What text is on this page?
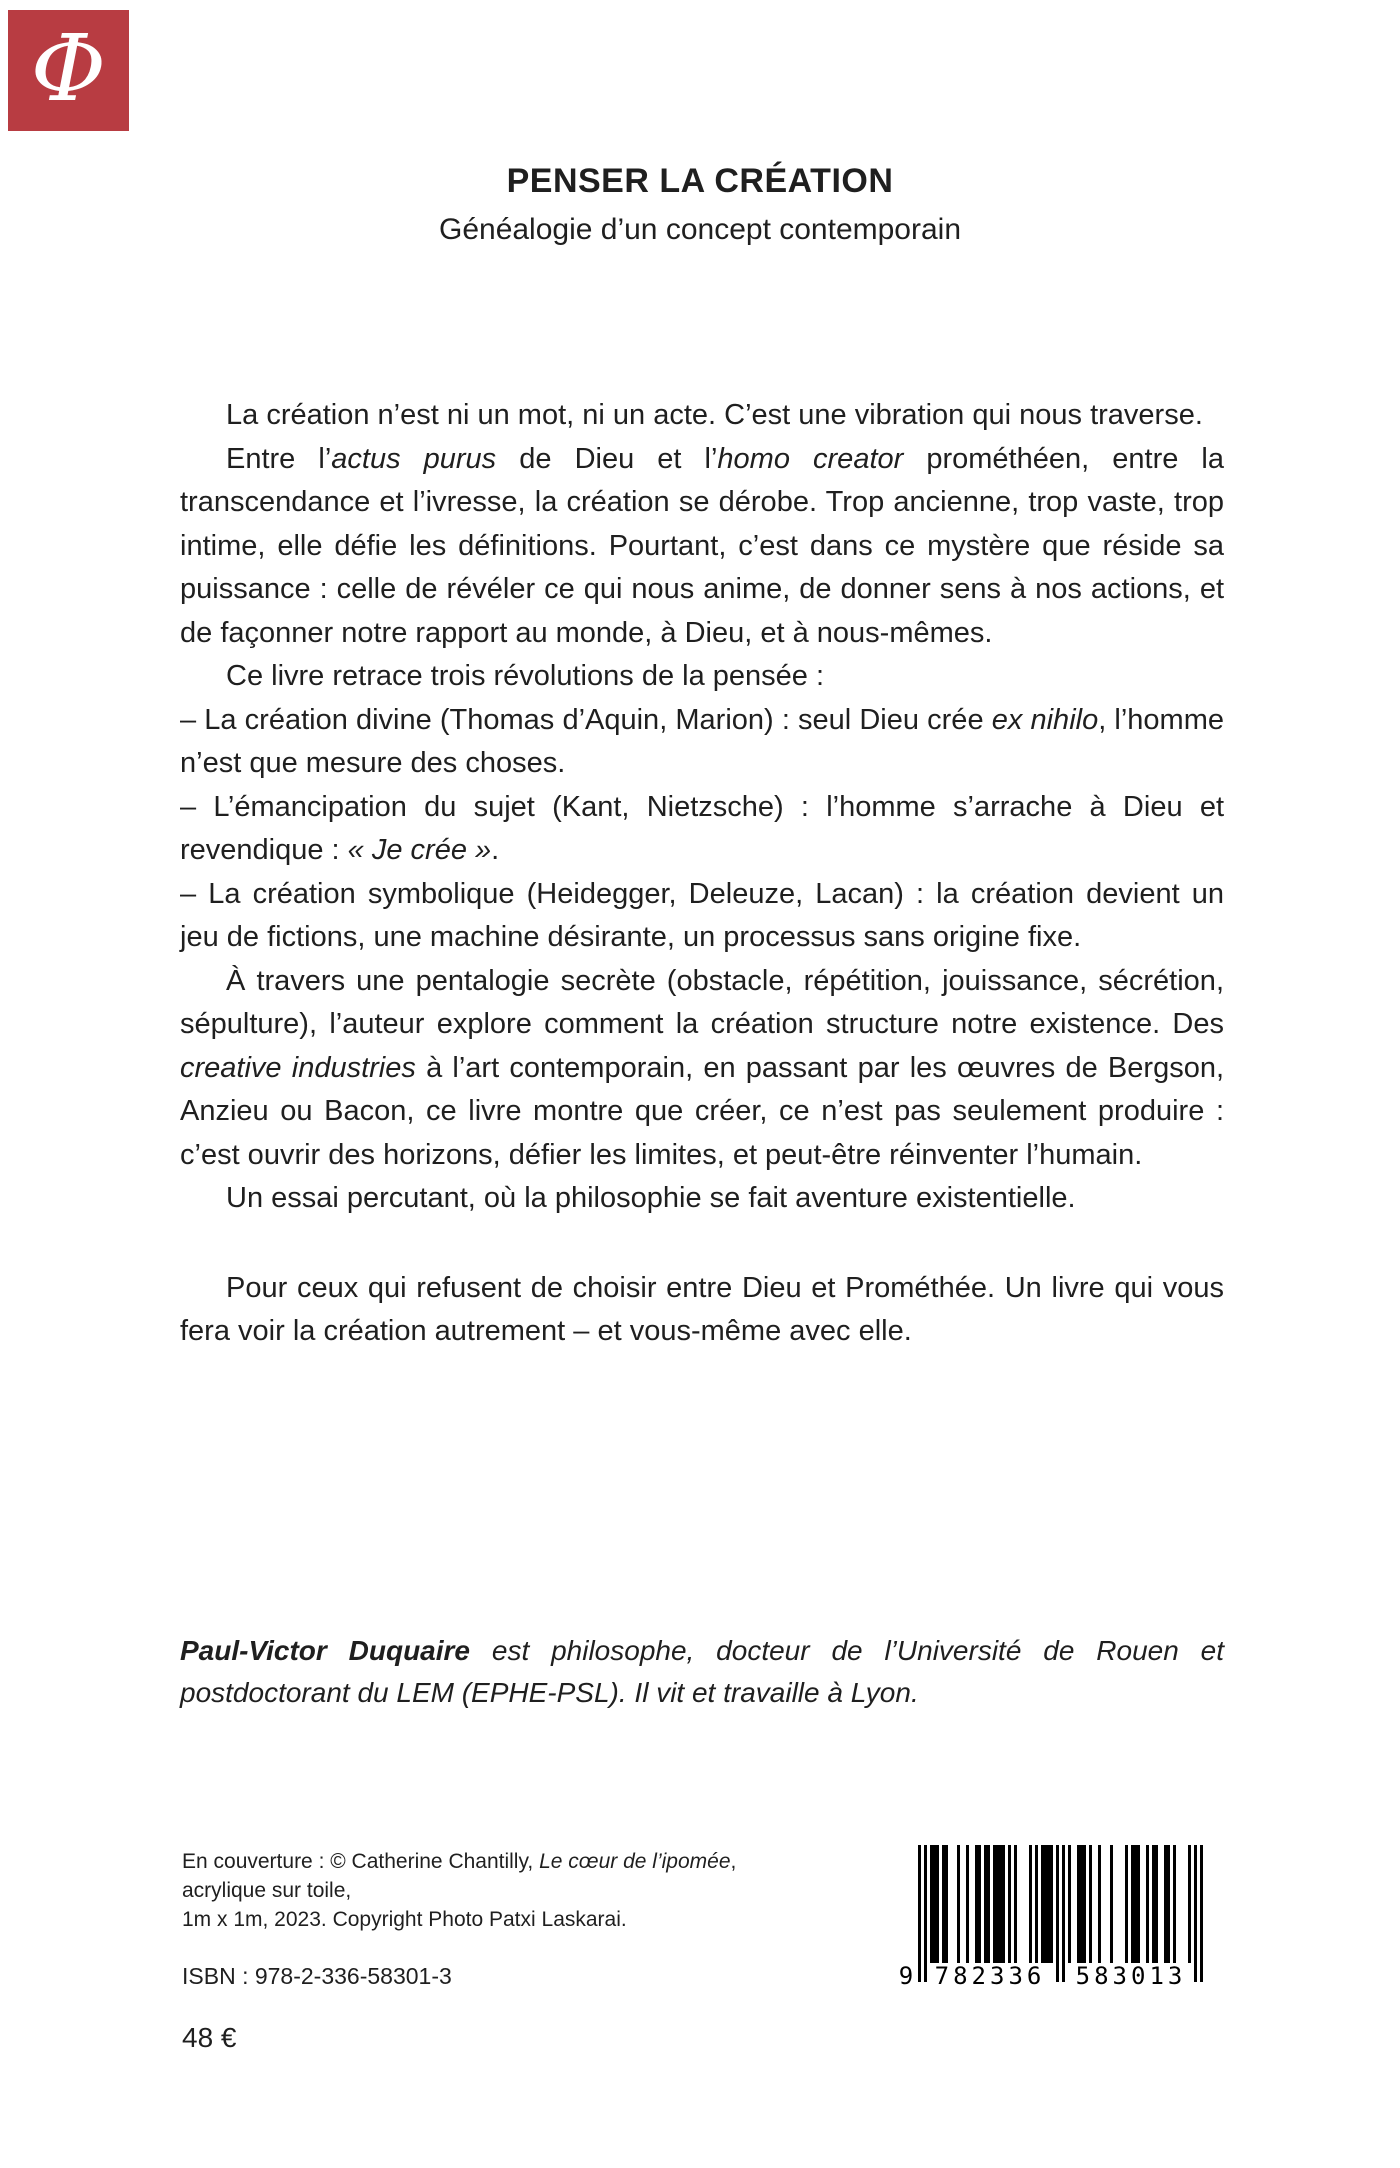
Φ
PENSER LA CRÉATION
Généalogie d’un concept contemporain

La création n’est ni un mot, ni un acte. C’est une vibration qui nous traverse.

Entre l’actus purus de Dieu et l’homo creator prométhéen, entre la transcendance et l’ivresse, la création se dérobe. Trop ancienne, trop vaste, trop intime, elle défie les définitions. Pourtant, c’est dans ce mystère que réside sa puissance : celle de révéler ce qui nous anime, de donner sens à nos actions, et de façonner notre rapport au monde, à Dieu, et à nous-mêmes.

Ce livre retrace trois révolutions de la pensée :

– La création divine (Thomas d’Aquin, Marion) : seul Dieu crée ex nihilo, l’homme n’est que mesure des choses.

– L’émancipation du sujet (Kant, Nietzsche) : l’homme s’arrache à Dieu et revendique : « Je crée ».

– La création symbolique (Heidegger, Deleuze, Lacan) : la création devient un jeu de fictions, une machine désirante, un processus sans origine fixe.

À travers une pentalogie secrète (obstacle, répétition, jouissance, sécrétion, sépulture), l’auteur explore comment la création structure notre existence. Des creative industries à l’art contemporain, en passant par les œuvres de Bergson, Anzieu ou Bacon, ce livre montre que créer, ce n’est pas seulement produire : c’est ouvrir des horizons, défier les limites, et peut-être réinventer l’humain.

Un essai percutant, où la philosophie se fait aventure existentielle.

Pour ceux qui refusent de choisir entre Dieu et Prométhée. Un livre qui vous fera voir la création autrement – et vous-même avec elle.

Paul-Victor Duquaire est philosophe, docteur de l’Université de Rouen et postdoctorant du LEM (EPHE-PSL). Il vit et travaille à Lyon.

En couverture : © Catherine Chantilly, Le cœur de l’ipomée,

acrylique sur toile,

1m x 1m, 2023. Copyright Photo Patxi Laskarai.

ISBN : 978-2-336-58301-3

48 €

9 782336	583013
